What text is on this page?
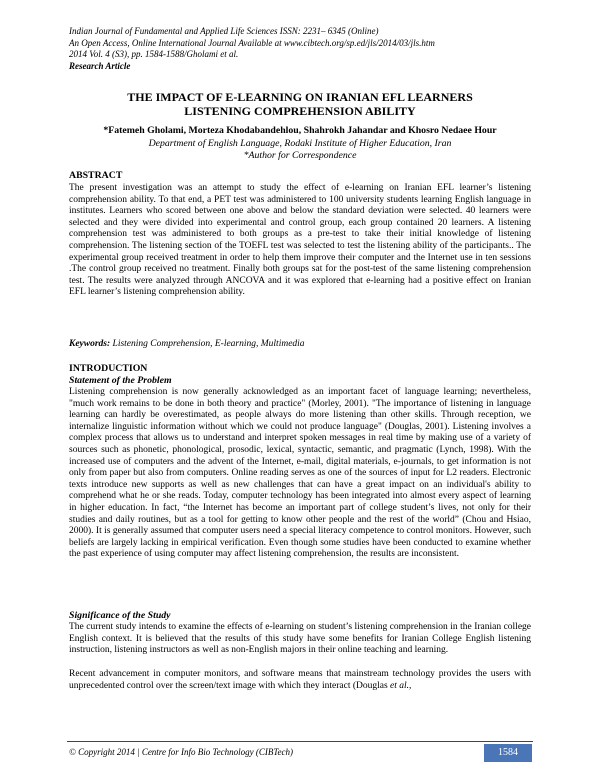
Indian Journal of Fundamental and Applied Life Sciences ISSN: 2231– 6345 (Online)
An Open Access, Online International Journal Available at www.cibtech.org/sp.ed/jls/2014/03/jls.htm
2014 Vol. 4 (S3), pp. 1584-1588/Gholami et al.
Research Article
THE IMPACT OF E-LEARNING ON IRANIAN EFL LEARNERS
LISTENING COMPREHENSION ABILITY
*Fatemeh Gholami, Morteza Khodabandehlou, Shahrokh Jahandar and Khosro Nedaee Hour
Department of English Language, Rodaki Institute of Higher Education, Iran
*Author for Correspondence
ABSTRACT
The present investigation was an attempt to study the effect of e-learning on Iranian EFL learner’s listening comprehension ability. To that end, a PET test was administered to 100 university students learning English language in institutes. Learners who scored between one above and below the standard deviation were selected. 40 learners were selected and they were divided into experimental and control group, each group contained 20 learners. A listening comprehension test was administered to both groups as a pre-test to take their initial knowledge of listening comprehension. The listening section of the TOEFL test was selected to test the listening ability of the participants.. The experimental group received treatment in order to help them improve their computer and the Internet use in ten sessions .The control group received no treatment. Finally both groups sat for the post-test of the same listening comprehension test. The results were analyzed through ANCOVA and it was explored that e-learning had a positive effect on Iranian EFL learner’s listening comprehension ability.
Keywords: Listening Comprehension, E-learning, Multimedia
INTRODUCTION
Statement of the Problem
Listening comprehension is now generally acknowledged as an important facet of language learning; nevertheless, "much work remains to be done in both theory and practice" (Morley, 2001). "The importance of listening in language learning can hardly be overestimated, as people always do more listening than other skills. Through reception, we internalize linguistic information without which we could not produce language" (Douglas, 2001). Listening involves a complex process that allows us to understand and interpret spoken messages in real time by making use of a variety of sources such as phonetic, phonological, prosodic, lexical, syntactic, semantic, and pragmatic (Lynch, 1998). With the increased use of computers and the advent of the Internet, e-mail, digital materials, e-journals, to get information is not only from paper but also from computers. Online reading serves as one of the sources of input for L2 readers. Electronic texts introduce new supports as well as new challenges that can have a great impact on an individual's ability to comprehend what he or she reads. Today, computer technology has been integrated into almost every aspect of learning in higher education. In fact, “the Internet has become an important part of college student’s lives, not only for their studies and daily routines, but as a tool for getting to know other people and the rest of the world” (Chou and Hsiao, 2000). It is generally assumed that computer users need a special literacy competence to control monitors. However, such beliefs are largely lacking in empirical verification. Even though some studies have been conducted to examine whether the past experience of using computer may affect listening comprehension, the results are inconsistent.
Significance of the Study
The current study intends to examine the effects of e-learning on student’s listening comprehension in the Iranian college English context. It is believed that the results of this study have some benefits for Iranian College English listening instruction, listening instructors as well as non-English majors in their online teaching and learning.
Recent advancement in computer monitors, and software means that mainstream technology provides the users with unprecedented control over the screen/text image with which they interact (Douglas et al.,
© Copyright 2014 | Centre for Info Bio Technology (CIBTech)	1584
